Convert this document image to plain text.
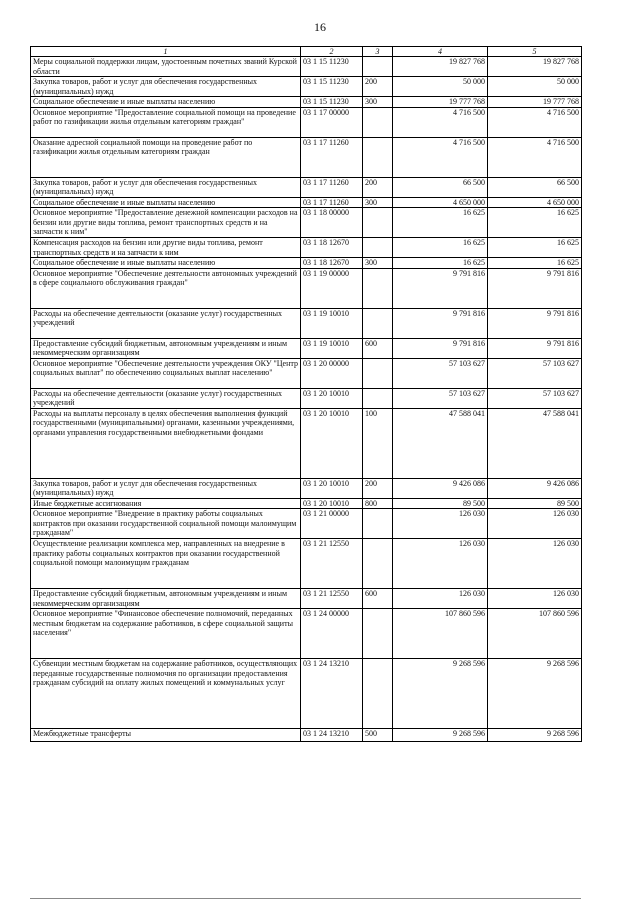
16
1	2	3	4	5
Меры социальной поддержки лицам, удостоенным почетных званий Курской области	03 1 15 11230		19 827 768	19 827 768
Закупка товаров, работ и услуг для обеспечения государственных (муниципальных) нужд	03 1 15 11230	200	50 000	50 000
Социальное обеспечение и иные выплаты населению	03 1 15 11230	300	19 777 768	19 777 768
Основное мероприятие "Предоставление социальной помощи на проведение работ по газификации жилья отдельным категориям граждан"	03 1 17 00000		4 716 500	4 716 500
Оказание адресной социальной помощи на проведение работ по газификации жилья отдельным категориям граждан	03 1 17 11260		4 716 500	4 716 500
Закупка товаров, работ и услуг для обеспечения государственных (муниципальных) нужд	03 1 17 11260	200	66 500	66 500
Социальное обеспечение и иные выплаты населению	03 1 17 11260	300	4 650 000	4 650 000
Основное мероприятие "Предоставление денежной компенсации расходов на бензин или другие виды топлива, ремонт транспортных средств и на запчасти к ним"	03 1 18 00000		16 625	16 625
Компенсация расходов на бензин или другие виды топлива, ремонт транспортных средств и на запчасти к ним	03 1 18 12670		16 625	16 625
Социальное обеспечение и иные выплаты населению	03 1 18 12670	300	16 625	16 625
Основное мероприятие "Обеспечение деятельности автономных учреждений в сфере социального обслуживания граждан"	03 1 19 00000		9 791 816	9 791 816
Расходы на обеспечение деятельности (оказание услуг) государственных учреждений	03 1 19 10010		9 791 816	9 791 816
Предоставление субсидий бюджетным, автономным учреждениям и иным некоммерческим организациям	03 1 19 10010	600	9 791 816	9 791 816
Основное мероприятие "Обеспечение деятельности учреждения ОКУ "Центр социальных выплат" по обеспечению социальных выплат населению"	03 1 20 00000		57 103 627	57 103 627
Расходы на обеспечение деятельности (оказание услуг) государственных учреждений	03 1 20 10010		57 103 627	57 103 627
Расходы на выплаты персоналу в целях обеспечения выполнения функций государственными (муниципальными) органами, казенными учреждениями, органами управления государственными внебюджетными фондами	03 1 20 10010	100	47 588 041	47 588 041
Закупка товаров, работ и услуг для обеспечения государственных (муниципальных) нужд	03 1 20 10010	200	9 426 086	9 426 086
Иные бюджетные ассигнования	03 1 20 10010	800	89 500	89 500
Основное мероприятие "Внедрение в практику работы социальных контрактов при оказании государственной социальной помощи малоимущим гражданам"	03 1 21 00000		126 030	126 030
Осуществление реализации комплекса мер, направленных на внедрение в практику работы социальных контрактов при оказании государственной социальной помощи малоимущим гражданам	03 1 21 12550		126 030	126 030
Предоставление субсидий бюджетным, автономным учреждениям и иным некоммерческим организациям	03 1 21 12550	600	126 030	126 030
Основное мероприятие "Финансовое обеспечение полномочий, переданных местным бюджетам на содержание работников, в сфере социальной защиты населения"	03 1 24 00000		107 860 596	107 860 596
Субвенции местным бюджетам на содержание работников, осуществляющих переданные государственные полномочия по организации предоставления гражданам субсидий на оплату жилых помещений и коммунальных услуг	03 1 24 13210		9 268 596	9 268 596
Межбюджетные трансферты	03 1 24 13210	500	9 268 596	9 268 596
